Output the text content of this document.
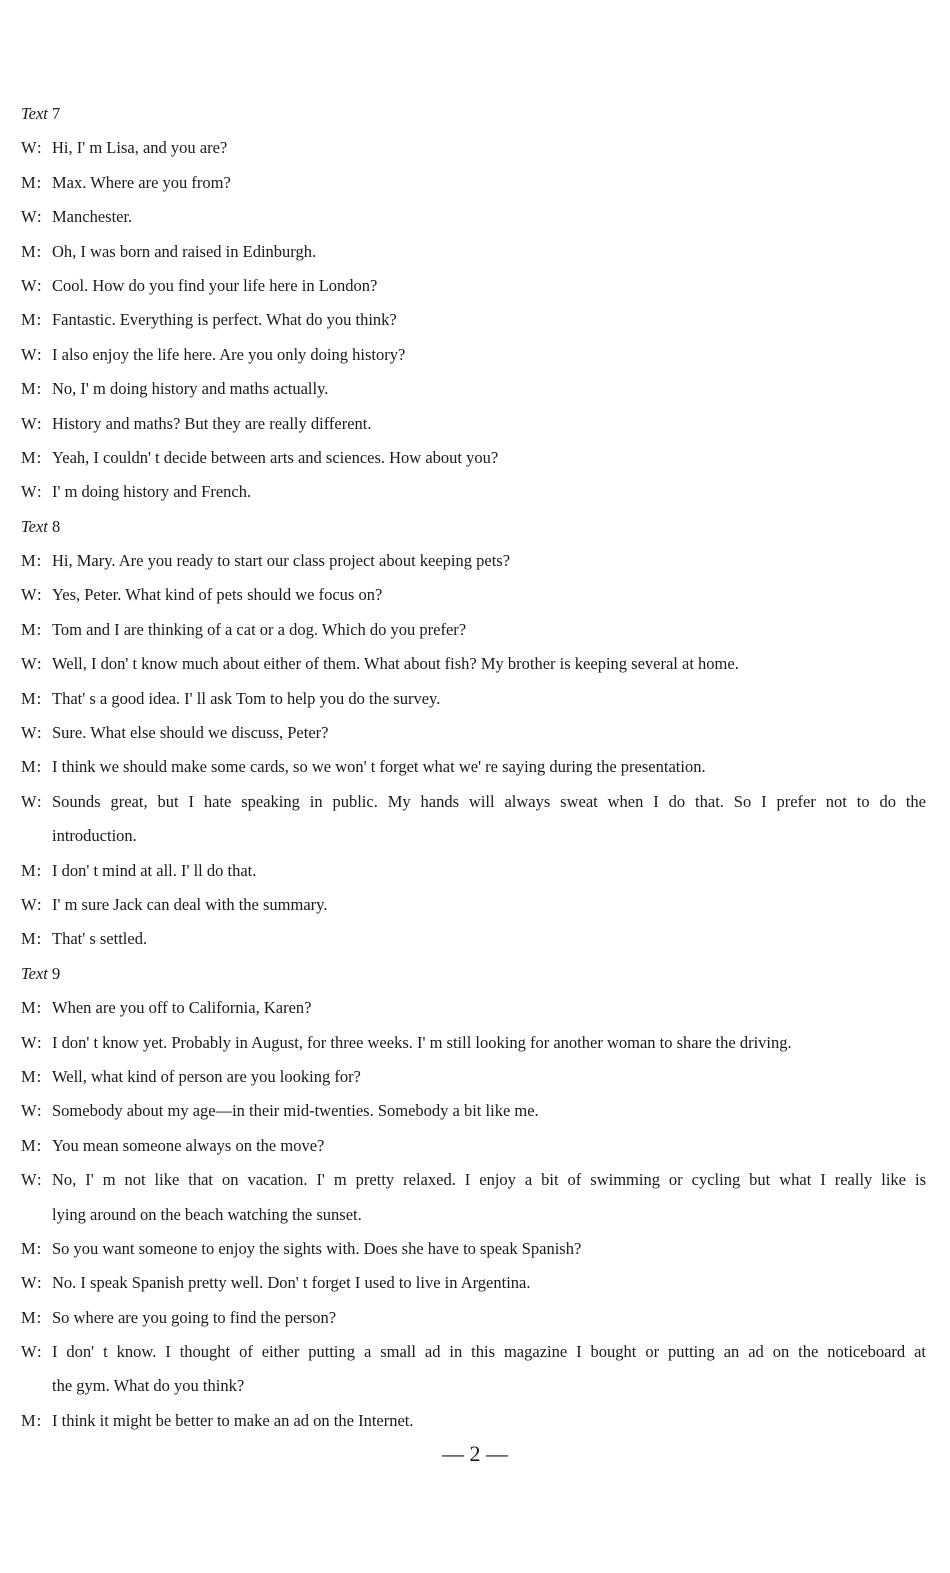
Text 7
W: Hi, I' m Lisa, and you are?
M: Max. Where are you from?
W: Manchester.
M: Oh, I was born and raised in Edinburgh.
W: Cool. How do you find your life here in London?
M: Fantastic. Everything is perfect. What do you think?
W: I also enjoy the life here. Are you only doing history?
M: No, I' m doing history and maths actually.
W: History and maths? But they are really different.
M: Yeah, I couldn' t decide between arts and sciences. How about you?
W: I' m doing history and French.
Text 8
M: Hi, Mary. Are you ready to start our class project about keeping pets?
W: Yes, Peter. What kind of pets should we focus on?
M: Tom and I are thinking of a cat or a dog. Which do you prefer?
W: Well, I don' t know much about either of them. What about fish? My brother is keeping several at home.
M: That' s a good idea. I' ll ask Tom to help you do the survey.
W: Sure. What else should we discuss, Peter?
M: I think we should make some cards, so we won' t forget what we' re saying during the presentation.
W: Sounds great, but I hate speaking in public. My hands will always sweat when I do that. So I prefer not to do the
introduction.
M: I don' t mind at all. I' ll do that.
W: I' m sure Jack can deal with the summary.
M: That' s settled.
Text 9
M: When are you off to California, Karen?
W: I don' t know yet. Probably in August, for three weeks. I' m still looking for another woman to share the driving.
M: Well, what kind of person are you looking for?
W: Somebody about my age—in their mid-twenties. Somebody a bit like me.
M: You mean someone always on the move?
W: No, I' m not like that on vacation. I' m pretty relaxed. I enjoy a bit of swimming or cycling but what I really like is
lying around on the beach watching the sunset.
M: So you want someone to enjoy the sights with. Does she have to speak Spanish?
W: No. I speak Spanish pretty well. Don' t forget I used to live in Argentina.
M: So where are you going to find the person?
W: I don' t know. I thought of either putting a small ad in this magazine I bought or putting an ad on the noticeboard at
the gym. What do you think?
M: I think it might be better to make an ad on the Internet.
— 2 —
